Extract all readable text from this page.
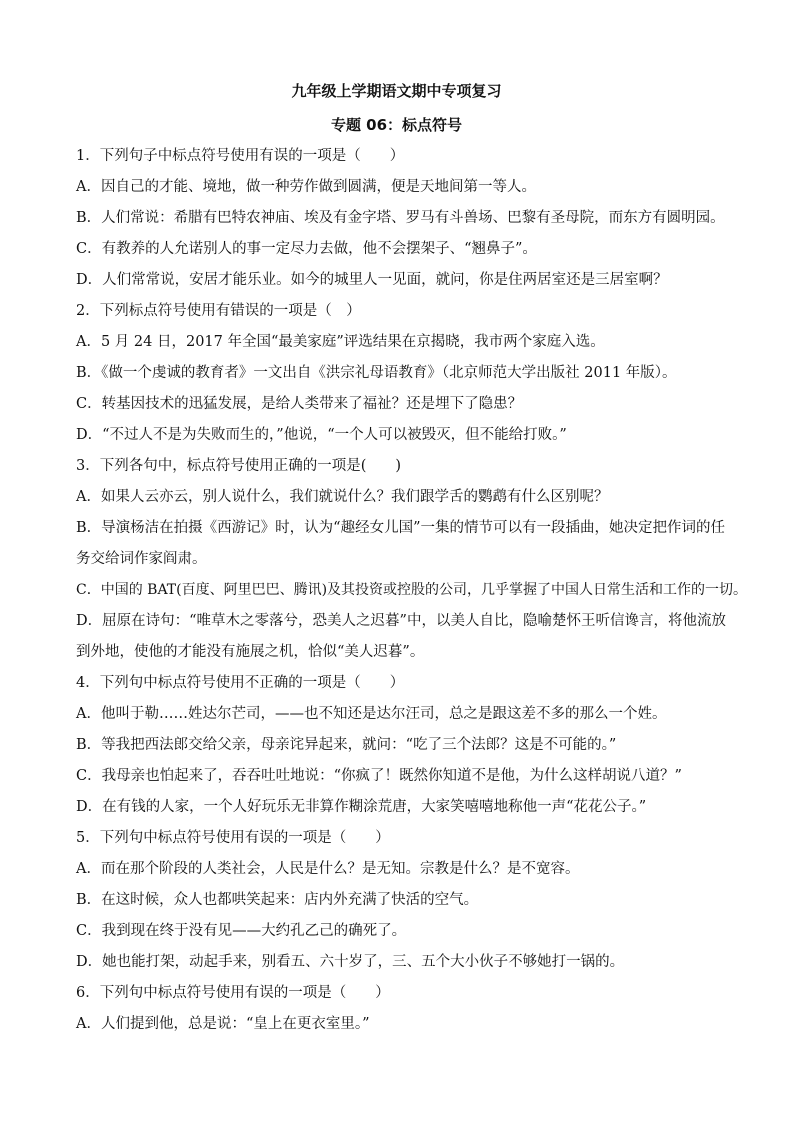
九年级上学期语文期中专项复习
专题 06：标点符号
1．下列句子中标点符号使用有误的一项是（　　）
A．因自己的才能、境地，做一种劳作做到圆满，便是天地间第一等人。
B．人们常说：希腊有巴特农神庙、埃及有金字塔、罗马有斗兽场、巴黎有圣母院，而东方有圆明园。
C．有教养的人允诺别人的事一定尽力去做，他不会摆架子、“翘鼻子”。
D．人们常常说，安居才能乐业。如今的城里人一见面，就问，你是住两居室还是三居室啊？
2．下列标点符号使用有错误的一项是（　）
A．5 月 24 日，2017 年全国“最美家庭”评选结果在京揭晓，我市两个家庭入选。
B．《做一个虔诚的教育者》一文出自《洪宗礼母语教育》（北京师范大学出版社 2011 年版）。
C．转基因技术的迅猛发展，是给人类带来了福祉？还是埋下了隐患？
D．“不过人不是为失败而生的，”他说，“一个人可以被毁灭，但不能给打败。”
3．下列各句中，标点符号使用正确的一项是(　　)
A．如果人云亦云，别人说什么，我们就说什么？我们跟学舌的鹦鹉有什么区别呢？
B．导演杨洁在拍摄《西游记》时，认为“趣经女儿国”一集的情节可以有一段插曲，她决定把作词的任
务交给词作家阎肃。
C．中国的 BAT(百度、阿里巴巴、腾讯)及其投资或控股的公司，几乎掌握了中国人日常生活和工作的一切。
D．屈原在诗句：“唯草木之零落兮，恐美人之迟暮”中，以美人自比，隐喻楚怀王听信谗言，将他流放
到外地，使他的才能没有施展之机，恰似“美人迟暮”。
4．下列句中标点符号使用不正确的一项是（　　）
A．他叫于勒……姓达尔芒司，——也不知还是达尔汪司，总之是跟这差不多的那么一个姓。
B．等我把西法郎交给父亲，母亲诧异起来，就问：“吃了三个法郎？这是不可能的。”
C．我母亲也怕起来了，吞吞吐吐地说：“你疯了！既然你知道不是他，为什么这样胡说八道？”
D．在有钱的人家，一个人好玩乐无非算作糊涂荒唐，大家笑嘻嘻地称他一声“花花公子。”
5．下列句中标点符号使用有误的一项是（　　）
A．而在那个阶段的人类社会，人民是什么？是无知。宗教是什么？是不宽容。
B．在这时候，众人也都哄笑起来：店内外充满了快活的空气。
C．我到现在终于没有见——大约孔乙己的确死了。
D．她也能打架，动起手来，别看五、六十岁了，三、五个大小伙子不够她打一锅的。
6．下列句中标点符号使用有误的一项是（　　）
A．人们提到他，总是说：“皇上在更衣室里。”
